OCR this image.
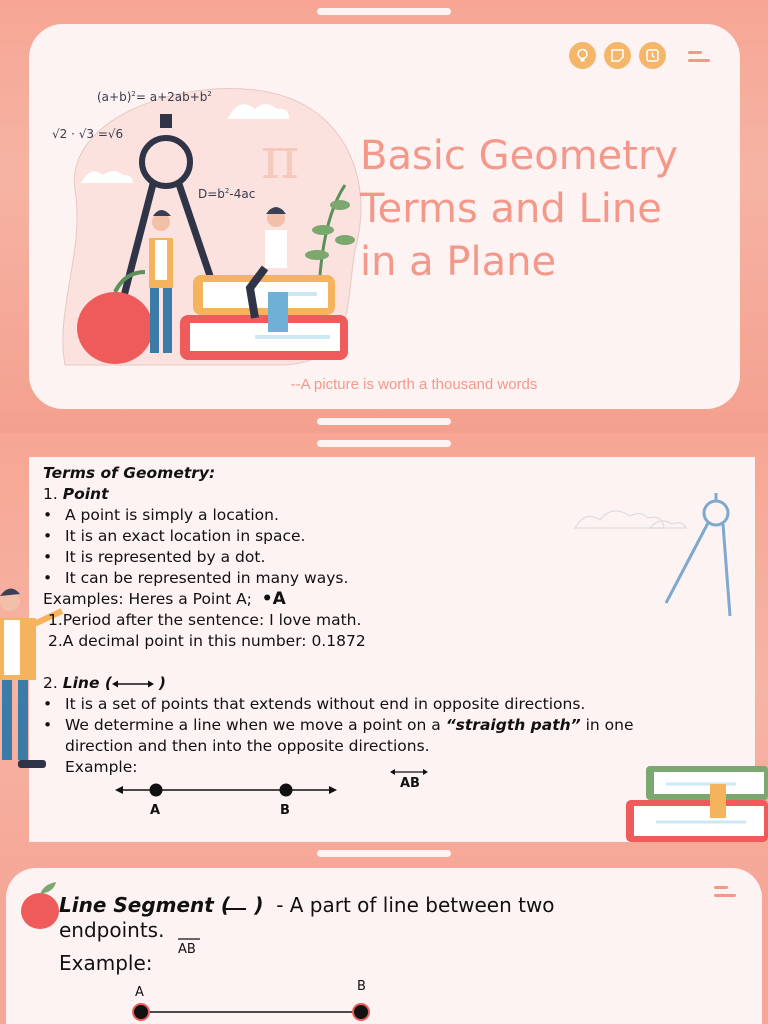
π
$(a+b)^2= a+2ab+b^2$
√2 · √3 =√6
$D=b^2-4ac$
Basic Geometry
Terms and Line
in a Plane
--A picture is worth a thousand words
Terms of Geometry:
1. Point
• A point is simply a location.
• It is an exact location in space.
• It is represented by a dot.
• It can be represented in many ways.
Examples: Heres a Point A; •A
1.Period after the sentence: I love math.
2.A decimal point in this number: 0.1872
2. Line (	)
• It is a set of points that extends without end in opposite directions.
• We determine a line when we move a point on a “straigth path” in one
direction and then into the opposite directions.
Example:
A	B
AB
Line Segment ( ) - A part of line between two
endpoints.
Example:
AB
A	B
